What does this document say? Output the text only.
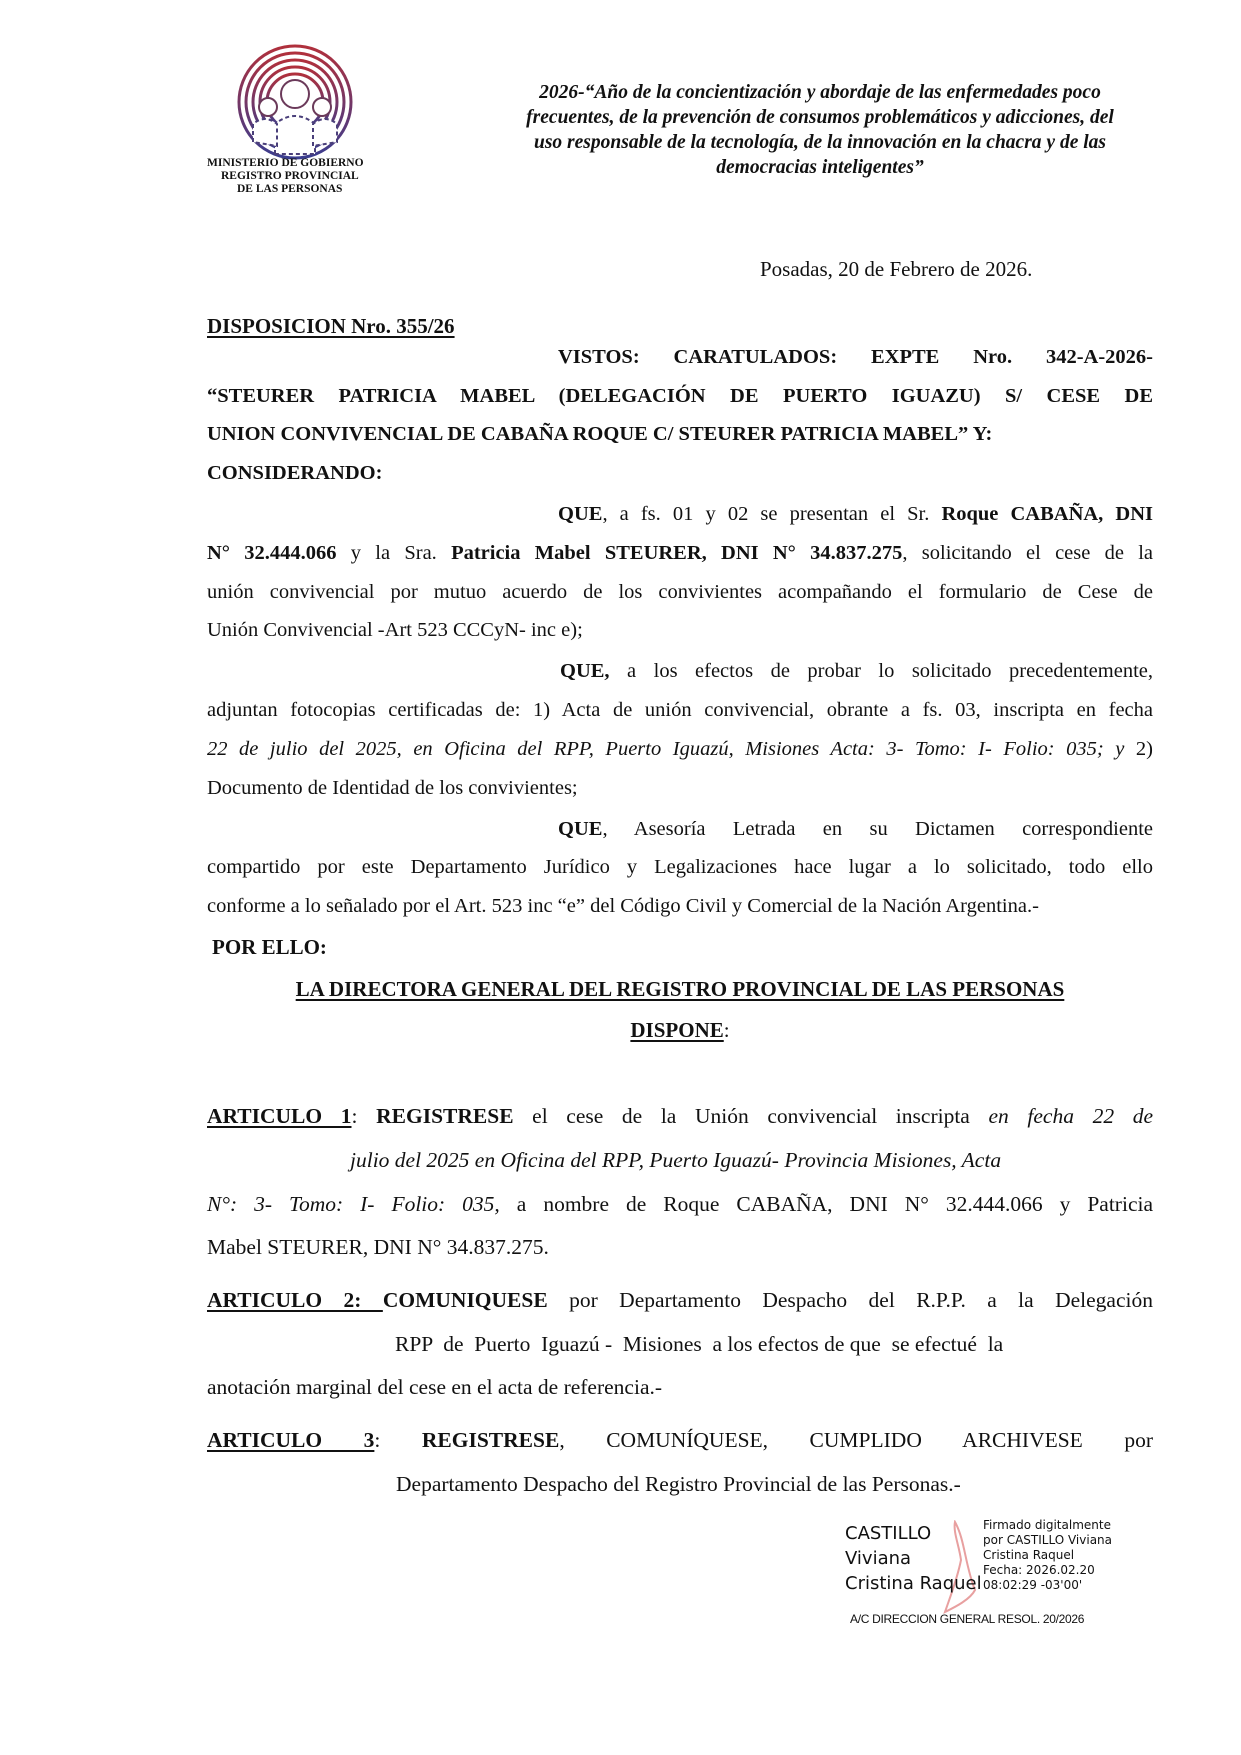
MINISTERIO DE GOBIERNO
REGISTRO PROVINCIAL
DE LAS PERSONAS
2026-“Año de la concientización y abordaje de las enfermedades poco
frecuentes, de la prevención de consumos problemáticos y adicciones, del
uso responsable de la tecnología, de la innovación en la chacra y de las
democracias inteligentes”
Posadas, 20 de Febrero de 2026.
DISPOSICION Nro. 355/26
VISTOS: CARATULADOS: EXPTE Nro. 342-A-2026-
“STEURER PATRICIA MABEL (DELEGACIÓN DE PUERTO IGUAZU) S/ CESE DE
UNION CONVIVENCIAL DE CABAÑA ROQUE C/ STEURER PATRICIA MABEL” Y:
CONSIDERANDO:
QUE, a fs. 01 y 02 se presentan el Sr. Roque CABAÑA, DNI
N° 32.444.066 y la Sra. Patricia Mabel STEURER, DNI N° 34.837.275, solicitando el cese de la
unión convivencial por mutuo acuerdo de los convivientes acompañando el formulario de Cese de
Unión Convivencial -Art 523 CCCyN- inc e);
QUE, a los efectos de probar lo solicitado precedentemente,
adjuntan fotocopias certificadas de: 1) Acta de unión convivencial, obrante a fs. 03, inscripta en fecha
22 de julio del 2025, en Oficina del RPP, Puerto Iguazú, Misiones Acta: 3- Tomo: I- Folio: 035; y 2)
Documento de Identidad de los convivientes;
QUE, Asesoría Letrada en su Dictamen correspondiente
compartido por este Departamento Jurídico y Legalizaciones hace lugar a lo solicitado, todo ello
conforme a lo señalado por el Art. 523 inc “e” del Código Civil y Comercial de la Nación Argentina.-
POR ELLO:
LA DIRECTORA GENERAL DEL REGISTRO PROVINCIAL DE LAS PERSONAS
DISPONE:
ARTICULO 1: REGISTRESE el cese de la Unión convivencial inscripta en fecha 22 de
julio del 2025 en Oficina del RPP, Puerto Iguazú- Provincia Misiones, Acta
N°: 3- Tomo: I- Folio: 035, a nombre de Roque CABAÑA, DNI N° 32.444.066 y Patricia
Mabel STEURER, DNI N° 34.837.275.
ARTICULO 2: COMUNIQUESE por Departamento Despacho del R.P.P. a la Delegación
RPP  de  Puerto  Iguazú -  Misiones  a los efectos de que  se efectué  la
anotación marginal del cese en el acta de referencia.-
ARTICULO 3: REGISTRESE, COMUNÍQUESE, CUMPLIDO ARCHIVESE por
Departamento Despacho del Registro Provincial de las Personas.-
CASTILLO
Viviana
Cristina Raquel
Firmado digitalmente
por CASTILLO Viviana
Cristina Raquel
Fecha: 2026.02.20
08:02:29 -03'00'
A/C DIRECCION GENERAL RESOL. 20/2026
